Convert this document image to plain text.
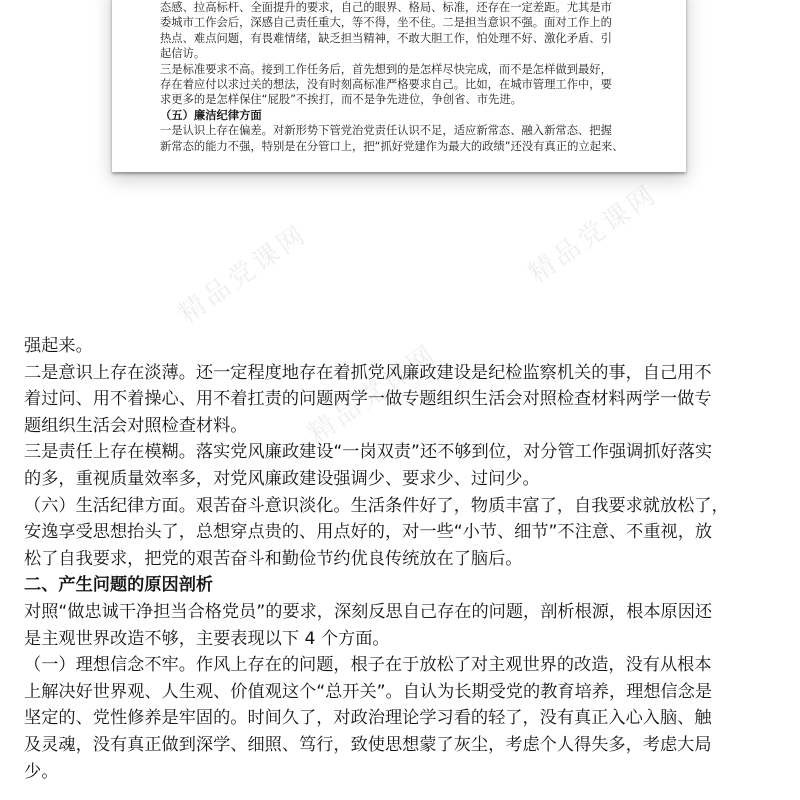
态感、拉高标杆、全面提升的要求，自己的眼界、格局、标准，还存在一定差距。尤其是市

委城市工作会后，深感自己责任重大，等不得，坐不住。二是担当意识不强。面对工作上的

热点、难点问题，有畏难情绪，缺乏担当精神，不敢大胆工作，怕处理不好、激化矛盾、引

起信访。

三是标准要求不高。接到工作任务后，首先想到的是怎样尽快完成，而不是怎样做到最好，

存在着应付以求过关的想法，没有时刻高标准严格要求自己。比如，在城市管理工作中，要

求更多的是怎样保住“屁股”不挨打，而不是争先进位，争创省、市先进。

（五）廉洁纪律方面

一是认识上存在偏差。对新形势下管党治党责任认识不足，适应新常态、融入新常态、把握

新常态的能力不强，特别是在分管口上，把“抓好党建作为最大的政绩”还没有真正的立起来、

精品党课网	精品党课网
精品党课网

强起来。

二是意识上存在淡薄。还一定程度地存在着抓党风廉政建设是纪检监察机关的事，自己用不

着过问、用不着操心、用不着扛责的问题两学一做专题组织生活会对照检查材料两学一做专

题组织生活会对照检查材料。

三是责任上存在模糊。落实党风廉政建设“一岗双责”还不够到位，对分管工作强调抓好落实

的多，重视质量效率多，对党风廉政建设强调少、要求少、过问少。

（六）生活纪律方面。艰苦奋斗意识淡化。生活条件好了，物质丰富了，自我要求就放松了，

安逸享受思想抬头了，总想穿点贵的、用点好的，对一些“小节、细节”不注意、不重视，放

松了自我要求，把党的艰苦奋斗和勤俭节约优良传统放在了脑后。

二、产生问题的原因剖析

对照“做忠诚干净担当合格党员”的要求，深刻反思自己存在的问题，剖析根源，根本原因还

是主观世界改造不够，主要表现以下 4 个方面。

（一）理想信念不牢。作风上存在的问题，根子在于放松了对主观世界的改造，没有从根本

上解决好世界观、人生观、价值观这个“总开关”。自认为长期受党的教育培养，理想信念是

坚定的、党性修养是牢固的。时间久了，对政治理论学习看的轻了，没有真正入心入脑、触

及灵魂，没有真正做到深学、细照、笃行，致使思想蒙了灰尘，考虑个人得失多，考虑大局

少。
